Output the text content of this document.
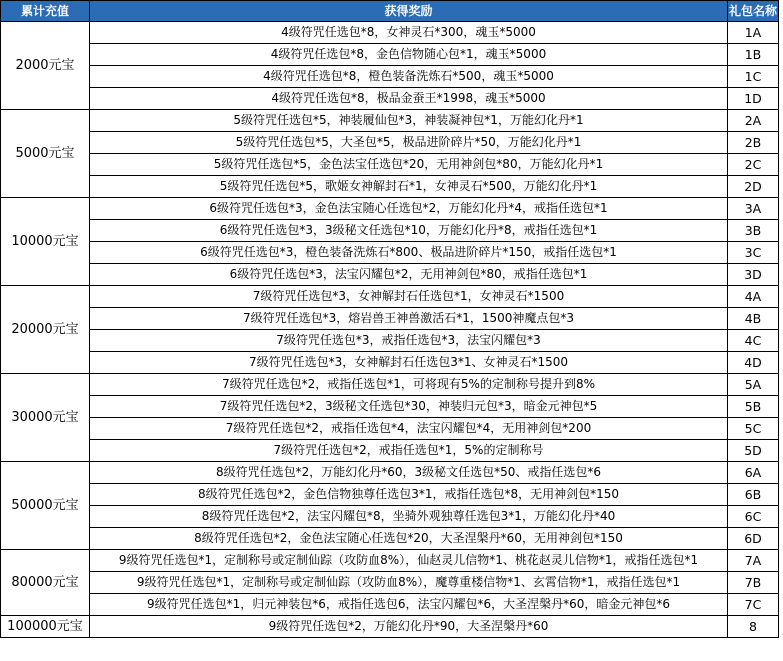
累计充值	获得奖励	礼包名称
2000元宝	4级符咒任选包*8，女神灵石*300，魂玉*5000	1A
	4级符咒任选包*8，金色信物随心包*1，魂玉*5000	1B
	4级符咒任选包*8，橙色装备洗炼石*500，魂玉*5000	1C
	4级符咒任选包*8，极品金蚕王*1998，魂玉*5000	1D
5000元宝	5级符咒任选包*5，神装履仙包*3，神装凝神包*1，万能幻化丹*1	2A
	5级符咒任选包*5，大圣包*5，极品进阶碎片*50，万能幻化丹*1	2B
	5级符咒任选包*5，金色法宝任选包*20，无用神剑包*80，万能幻化丹*1	2C
	5级符咒任选包*5，歌姬女神解封石*1，女神灵石*500，万能幻化丹*1	2D
10000元宝	6级符咒任选包*3，金色法宝随心任选包*2，万能幻化丹*4，戒指任选包*1	3A
	6级符咒任选包*3，3级秘文任选包*10，万能幻化丹*8，戒指任选包*1	3B
	6级符咒任选包*3，橙色装备洗炼石*800、极品进阶碎片*150，戒指任选包*1	3C
	6级符咒任选包*3，法宝闪耀包*2，无用神剑包*80，戒指任选包*1	3D
20000元宝	7级符咒任选包*3，女神解封石任选包*1，女神灵石*1500	4A
	7级符咒任选包*3，熔岩兽王神兽激活石*1，1500神魔点包*3	4B
	7级符咒任选包*3，戒指任选包*3，法宝闪耀包*3	4C
	7级符咒任选包*3，女神解封石任选包3*1、女神灵石*1500	4D
30000元宝	7级符咒任选包*2，戒指任选包*1，可将现有5%的定制称号提升到8%	5A
	7级符咒任选包*2，3级秘文任选包*30，神装归元包*3，暗金元神包*5	5B
	7级符咒任选包*2，戒指任选包*4，法宝闪耀包*4，无用神剑包*200	5C
	7级符咒任选包*2，戒指任选包*1，5%的定制称号	5D
50000元宝	8级符咒任选包*2，万能幻化丹*60，3级秘文任选包*50、戒指任选包*6	6A
	8级符咒任选包*2，金色信物独尊任选包3*1，戒指任选包*8，无用神剑包*150	6B
	8级符咒任选包*2，法宝闪耀包*8，坐骑外观独尊任选包3*1，万能幻化丹*40	6C
	8级符咒任选包*2，金色法宝随心任选包*20，大圣涅槃丹*60，无用神剑包*150	6D
80000元宝	9级符咒任选包*1，定制称号或定制仙踪（攻防血8%），仙赵灵儿信物*1、桃花赵灵儿信物*1，戒指任选包*1	7A
	9级符咒任选包*1，定制称号或定制仙踪（攻防血8%），魔尊重楼信物*1、玄霄信物*1，戒指任选包*1	7B
	9级符咒任选包*1，归元神装包*6，戒指任选包6，法宝闪耀包*6，大圣涅槃丹*60，暗金元神包*6	7C
100000元宝	9级符咒任选包*2，万能幻化丹*90，大圣涅槃丹*60	8
